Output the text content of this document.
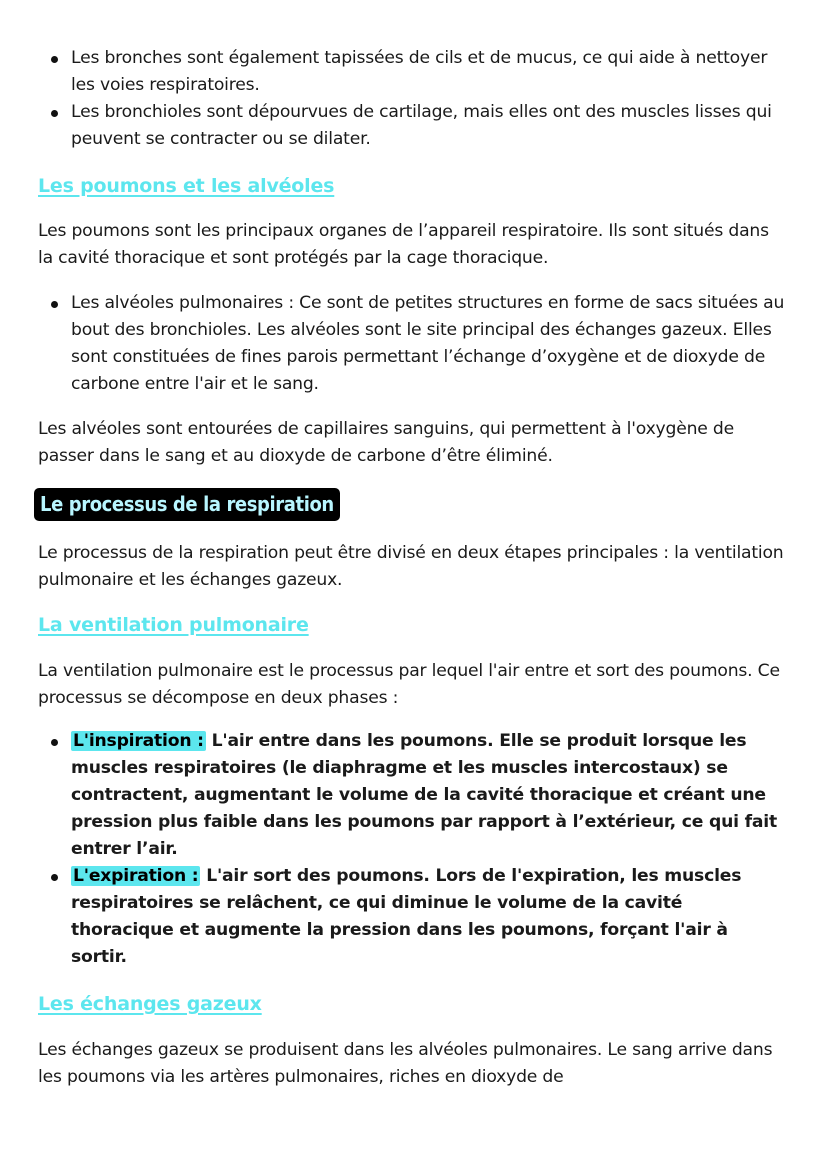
Les bronches sont également tapissées de cils et de mucus, ce qui aide à nettoyer les voies respiratoires.
Les bronchioles sont dépourvues de cartilage, mais elles ont des muscles lisses qui peuvent se contracter ou se dilater.
Les poumons et les alvéoles

Les poumons sont les principaux organes de l’appareil respiratoire. Ils sont situés dans la cavité thoracique et sont protégés par la cage thoracique.

Les alvéoles pulmonaires : Ce sont de petites structures en forme de sacs situées au bout des bronchioles. Les alvéoles sont le site principal des échanges gazeux. Elles sont constituées de fines parois permettant l’échange d’oxygène et de dioxyde de carbone entre l'air et le sang.

Les alvéoles sont entourées de capillaires sanguins, qui permettent à l'oxygène de passer dans le sang et au dioxyde de carbone d’être éliminé.

Le processus de la respiration

Le processus de la respiration peut être divisé en deux étapes principales : la ventilation pulmonaire et les échanges gazeux.

La ventilation pulmonaire

La ventilation pulmonaire est le processus par lequel l'air entre et sort des poumons. Ce processus se décompose en deux phases :

L'inspiration : L'air entre dans les poumons. Elle se produit lorsque les muscles respiratoires (le diaphragme et les muscles intercostaux) se contractent, augmentant le volume de la cavité thoracique et créant une pression plus faible dans les poumons par rapport à l’extérieur, ce qui fait entrer l’air.
L'expiration : L'air sort des poumons. Lors de l'expiration, les muscles respiratoires se relâchent, ce qui diminue le volume de la cavité thoracique et augmente la pression dans les poumons, forçant l'air à sortir.
Les échanges gazeux

Les échanges gazeux se produisent dans les alvéoles pulmonaires. Le sang arrive dans les poumons via les artères pulmonaires, riches en dioxyde de
